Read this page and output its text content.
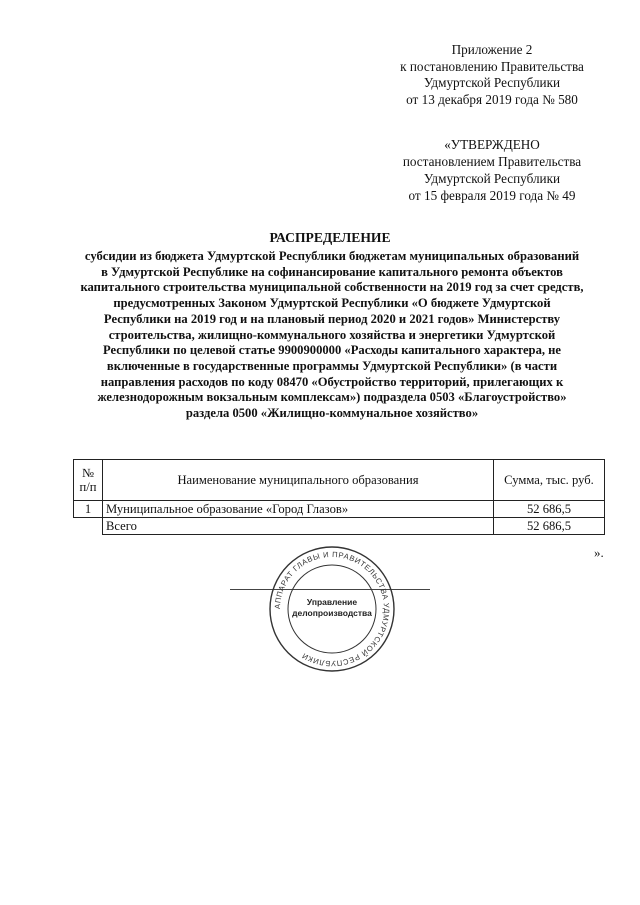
Приложение 2
к постановлению Правительства
Удмуртской Республики
от 13 декабря 2019 года № 580
«УТВЕРЖДЕНО
постановлением Правительства
Удмуртской Республики
от 15 февраля 2019 года № 49
РАСПРЕДЕЛЕНИЕ
субсидии из бюджета Удмуртской Республики бюджетам муниципальных образований
в Удмуртской Республике на софинансирование капитального ремонта объектов
капитального строительства муниципальной собственности на 2019 год за счет средств,
предусмотренных Законом Удмуртской Республики «О бюджете Удмуртской
Республики на 2019 год и на плановый период 2020 и 2021 годов» Министерству
строительства, жилищно-коммунального хозяйства и энергетики Удмуртской
Республики по целевой статье 9900900000 «Расходы капитального характера, не
включенные в государственные программы Удмуртской Республики» (в части
направления расходов по коду 08470 «Обустройство территорий, прилегающих к
железнодорожным вокзальным комплексам») подраздела 0503 «Благоустройство»
раздела 0500 «Жилищно-коммунальное хозяйство»
№
п/п	Наименование муниципального образования	Сумма, тыс. руб.
1	Муниципальное образование «Город Глазов»	52 686,5
	Всего	52 686,5
».
АППАРАТ ГЛАВЫ И ПРАВИТЕЛЬСТВА УДМУРТСКОЙ РЕСПУБЛИКИ
Управление
делопроизводства
